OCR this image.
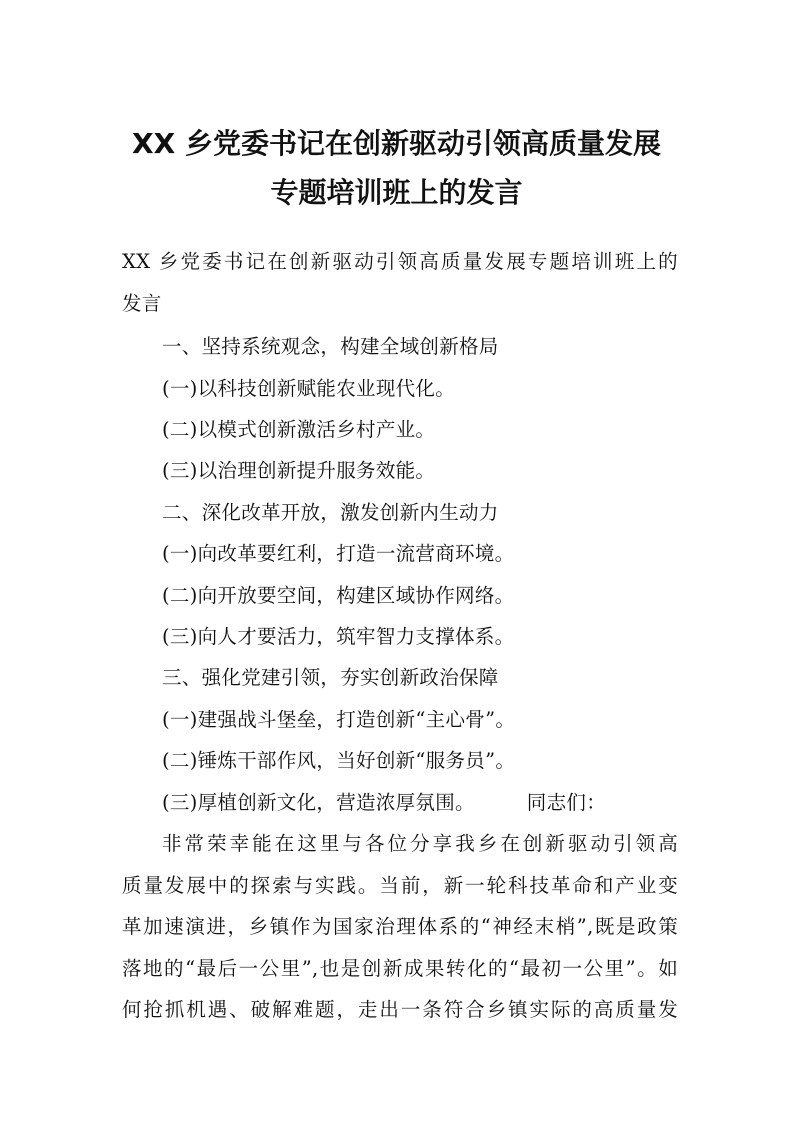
XX 乡党委书记在创新驱动引领高质量发展
专题培训班上的发言

XX 乡党委书记在创新驱动引领高质量发展专题培训班上的

发言

一、坚持系统观念，构建全域创新格局

(一)以科技创新赋能农业现代化。

(二)以模式创新激活乡村产业。

(三)以治理创新提升服务效能。

二、深化改革开放，激发创新内生动力

(一)向改革要红利，打造一流营商环境。

(二)向开放要空间，构建区域协作网络。

(三)向人才要活力，筑牢智力支撑体系。

三、强化党建引领，夯实创新政治保障

(一)建强战斗堡垒，打造创新“主心骨”。

(二)锤炼干部作风，当好创新“服务员”。

(三)厚植创新文化，营造浓厚氛围。        同志们：

非常荣幸能在这里与各位分享我乡在创新驱动引领高

质量发展中的探索与实践。当前，新一轮科技革命和产业变

革加速演进，乡镇作为国家治理体系的“神经末梢”,既是政策

落地的“最后一公里”,也是创新成果转化的“最初一公里”。如

何抢抓机遇、破解难题，走出一条符合乡镇实际的高质量发
